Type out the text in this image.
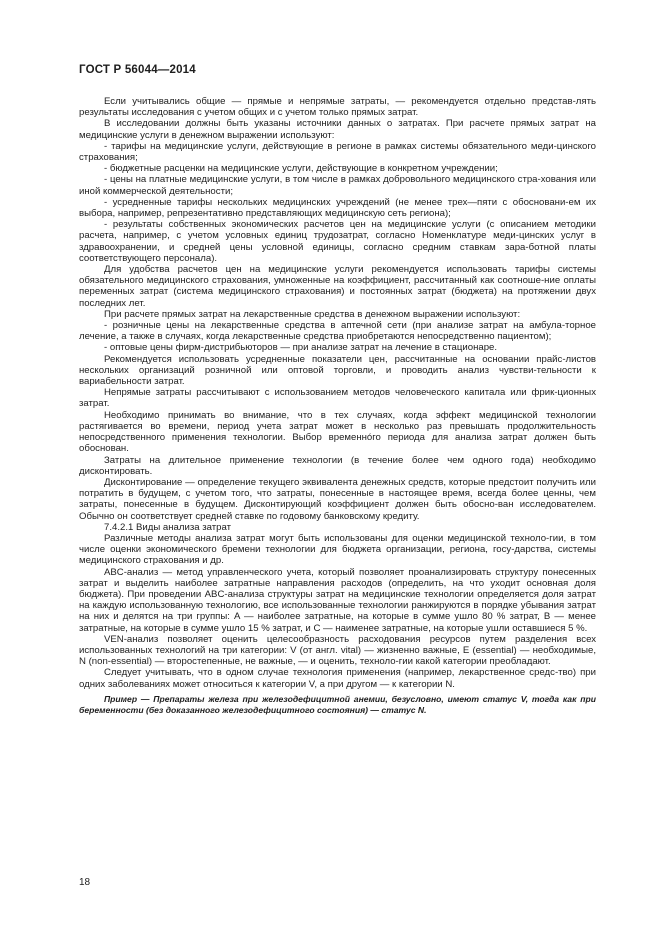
ГОСТ Р 56044—2014

Если учитывались общие — прямые и непрямые затраты, — рекомендуется отдельно представ-лять результаты исследования с учетом общих и с учетом только прямых затрат.

В исследовании должны быть указаны источники данных о затратах. При расчете прямых затрат на медицинские услуги в денежном выражении используют:

- тарифы на медицинские услуги, действующие в регионе в рамках системы обязательного меди-цинского страхования;

- бюджетные расценки на медицинские услуги, действующие в конкретном учреждении;

- цены на платные медицинские услуги, в том числе в рамках добровольного медицинского стра-хования или иной коммерческой деятельности;

- усредненные тарифы нескольких медицинских учреждений (не менее трех—пяти с обосновани-ем их выбора, например, репрезентативно представляющих медицинскую сеть региона);

- результаты собственных экономических расчетов цен на медицинские услуги (с описанием методики расчета, например, с учетом условных единиц трудозатрат, согласно Номенклатуре меди-цинских услуг в здравоохранении, и средней цены условной единицы, согласно средним ставкам зара-ботной платы соответствующего персонала).

Для удобства расчетов цен на медицинские услуги рекомендуется использовать тарифы системы обязательного медицинского страхования, умноженные на коэффициент, рассчитанный как соотноше-ние оплаты переменных затрат (система медицинского страхования) и постоянных затрат (бюджета) на протяжении двух последних лет.

При расчете прямых затрат на лекарственные средства в денежном выражении используют:

- розничные цены на лекарственные средства в аптечной сети (при анализе затрат на амбула-торное лечение, а также в случаях, когда лекарственные средства приобретаются непосредственно пациентом);

- оптовые цены фирм-дистрибьюторов — при анализе затрат на лечение в стационаре.

Рекомендуется использовать усредненные показатели цен, рассчитанные на основании прайс-листов нескольких организаций розничной или оптовой торговли, и проводить анализ чувстви-тельности к вариабельности затрат.

Непрямые затраты рассчитывают с использованием методов человеческого капитала или фрик-ционных затрат.

Необходимо принимать во внимание, что в тех случаях, когда эффект медицинской технологии растягивается во времени, период учета затрат может в несколько раз превышать продолжительность непосредственного применения технологии. Выбор временнóго периода для анализа затрат должен быть обоснован.

Затраты на длительное применение технологии (в течение более чем одного года) необходимо дисконтировать.

Дисконтирование — определение текущего эквивалента денежных средств, которые предстоит получить или потратить в будущем, с учетом того, что затраты, понесенные в настоящее время, всегда более ценны, чем затраты, понесенные в будущем. Дисконтирующий коэффициент должен быть обосно-ван исследователем. Обычно он соответствует средней ставке по годовому банковскому кредиту.

7.4.2.1 Виды анализа затрат

Различные методы анализа затрат могут быть использованы для оценки медицинской техноло-гии, в том числе оценки экономического бремени технологии для бюджета организации, региона, госу-дарства, системы медицинского страхования и др.

ABC-анализ — метод управленческого учета, который позволяет проанализировать структуру понесенных затрат и выделить наиболее затратные направления расходов (определить, на что уходит основная доля бюджета). При проведении ABC-анализа структуры затрат на медицинские технологии определяется доля затрат на каждую использованную технологию, все использованные технологии ранжируются в порядке убывания затрат на них и делятся на три группы: A — наиболее затратные, на которые в сумме ушло 80 % затрат, B — менее затратные, на которые в сумме ушло 15 % затрат, и C — наименее затратные, на которые ушли оставшиеся 5 %.

VEN-анализ позволяет оценить целесообразность расходования ресурсов путем разделения всех использованных технологий на три категории: V (от англ. vital) — жизненно важные, E (essential) — необходимые, N (non-essential) — второстепенные, не важные, — и оценить, техноло-гии какой категории преобладают.

Следует учитывать, что в одном случае технология применения (например, лекарственное средс-тво) при одних заболеваниях может относиться к категории V, а при другом — к категории N.

Пример — Препараты железа при железодефицитной анемии, безусловно, имеют статус V, тогда как при беременности (без доказанного железодефицитного состояния) — статус N.

18
